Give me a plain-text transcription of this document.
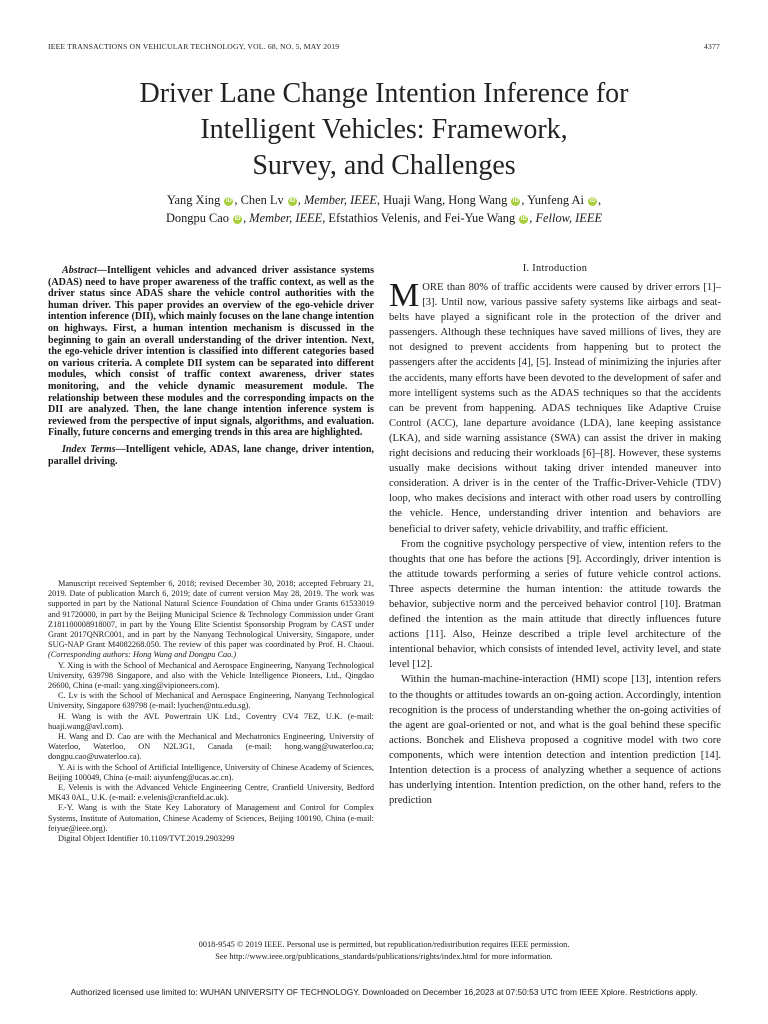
IEEE TRANSACTIONS ON VEHICULAR TECHNOLOGY, VOL. 68, NO. 5, MAY 2019	4377
Driver Lane Change Intention Inference for
Intelligent Vehicles: Framework,
Survey, and Challenges
Yang Xing iD , Chen Lv iD , Member, IEEE, Huaji Wang, Hong Wang iD , Yunfeng Ai iD ,
Dongpu Cao iD , Member, IEEE, Efstathios Velenis, and Fei-Yue Wang iD , Fellow, IEEE

Abstract—Intelligent vehicles and advanced driver assistance systems (ADAS) need to have proper awareness of the traffic context, as well as the driver status since ADAS share the vehicle control authorities with the human driver. This paper provides an overview of the ego-vehicle driver intention inference (DII), which mainly focuses on the lane change intention on highways. First, a human intention mechanism is discussed in the beginning to gain an overall understanding of the driver intention. Next, the ego-vehicle driver intention is classified into different categories based on various criteria. A complete DII system can be separated into different modules, which consist of traffic context awareness, driver states monitoring, and the vehicle dynamic measurement module. The relationship between these modules and the corresponding impacts on the DII are analyzed. Then, the lane change intention inference system is reviewed from the perspective of input signals, algorithms, and evaluation. Finally, future concerns and emerging trends in this area are highlighted.

Index Terms—Intelligent vehicle, ADAS, lane change, driver intention, parallel driving.

Manuscript received September 6, 2018; revised December 30, 2018; accepted February 21, 2019. Date of publication March 6, 2019; date of current version May 28, 2019. The work was supported in part by the National Natural Science Foundation of China under Grants 61533019 and 91720000, in part by the Beijing Municipal Science & Technology Commission under Grant Z181100008918007, in part by the Young Elite Scientist Sponsorship Program by CAST under Grant 2017QNRC001, and in part by the Nanyang Technological University, Singapore, under SUG-NAP Grant M4082268.050. The review of this paper was coordinated by Prof. H. Chaoui. (Corresponding authors: Hong Wang and Dongpu Cao.)

Y. Xing is with the School of Mechanical and Aerospace Engineering, Nanyang Technological University, 639798 Singapore, and also with the Vehicle Intelligence Pioneers, Ltd., Qingdao 26600, China (e-mail: yang.xing@vipioneers.com).

C. Lv is with the School of Mechanical and Aerospace Engineering, Nanyang Technological University, Singapore 639798 (e-mail: lyuchen@ntu.edu.sg).

H. Wang is with the AVL Powertrain UK Ltd., Coventry CV4 7EZ, U.K. (e-mail: huaji.wang@avl.com).

H. Wang and D. Cao are with the Mechanical and Mechatronics Engineering, University of Waterloo, Waterloo, ON N2L3G1, Canada (e-mail: hong.wang@uwaterloo.ca; dongpu.cao@uwaterloo.ca).

Y. Ai is with the School of Artificial Intelligence, University of Chinese Academy of Sciences, Beijing 100049, China (e-mail: aiyunfeng@ucas.ac.cn).

E. Velenis is with the Advanced Vehicle Engineering Centre, Cranfield University, Bedford MK43 0AL, U.K. (e-mail: e.velenis@cranfield.ac.uk).

F.-Y. Wang is with the State Key Laboratory of Management and Control for Complex Systems, Institute of Automation, Chinese Academy of Sciences, Beijing 100190, China (e-mail: feiyue@ieee.org).

Digital Object Identifier 10.1109/TVT.2019.2903299

I. Introduction

MORE than 80% of traffic accidents were caused by driver errors [1]–[3]. Until now, various passive safety systems like airbags and seat-belts have played a significant role in the protection of the driver and passengers. Although these techniques have saved millions of lives, they are not designed to prevent accidents from happening but to protect the passengers after the accidents [4], [5]. Instead of minimizing the injuries after the accidents, many efforts have been devoted to the development of safer and more intelligent systems such as the ADAS techniques so that the accidents can be prevent from happening. ADAS techniques like Adaptive Cruise Control (ACC), lane departure avoidance (LDA), lane keeping assistance (LKA), and side warning assistance (SWA) can assist the driver in making right decisions and reducing their workloads [6]–[8]. However, these systems usually make decisions without taking driver intended maneuver into consideration. A driver is in the center of the Traffic-Driver-Vehicle (TDV) loop, who makes decisions and interact with other road users by controlling the vehicle. Hence, understanding driver intention and behaviors are beneficial to driver safety, vehicle drivability, and traffic efficient.

From the cognitive psychology perspective of view, intention refers to the thoughts that one has before the actions [9]. Accordingly, driver intention is the attitude towards performing a series of future vehicle control actions. Three aspects determine the human intention: the attitude towards the behavior, subjective norm and the perceived behavior control [10]. Bratman defined the intention as the main attitude that directly influences future actions [11]. Also, Heinze described a triple level architecture of the intentional behavior, which consists of intended level, activity level, and state level [12].

Within the human-machine-interaction (HMI) scope [13], intention refers to the thoughts or attitudes towards an on-going action. Accordingly, intention recognition is the process of understanding whether the on-going activities of the agent are goal-oriented or not, and what is the goal behind these specific actions. Bonchek and Elisheva proposed a cognitive model with two core components, which were intention detection and intention prediction [14]. Intention detection is a process of analyzing whether a sequence of actions has underlying intention. Intention prediction, on the other hand, refers to the prediction

0018-9545 © 2019 IEEE. Personal use is permitted, but republication/redistribution requires IEEE permission.
See http://www.ieee.org/publications_standards/publications/rights/index.html for more information.
Authorized licensed use limited to: WUHAN UNIVERSITY OF TECHNOLOGY. Downloaded on December 16,2023 at 07:50:53 UTC from IEEE Xplore. Restrictions apply.
